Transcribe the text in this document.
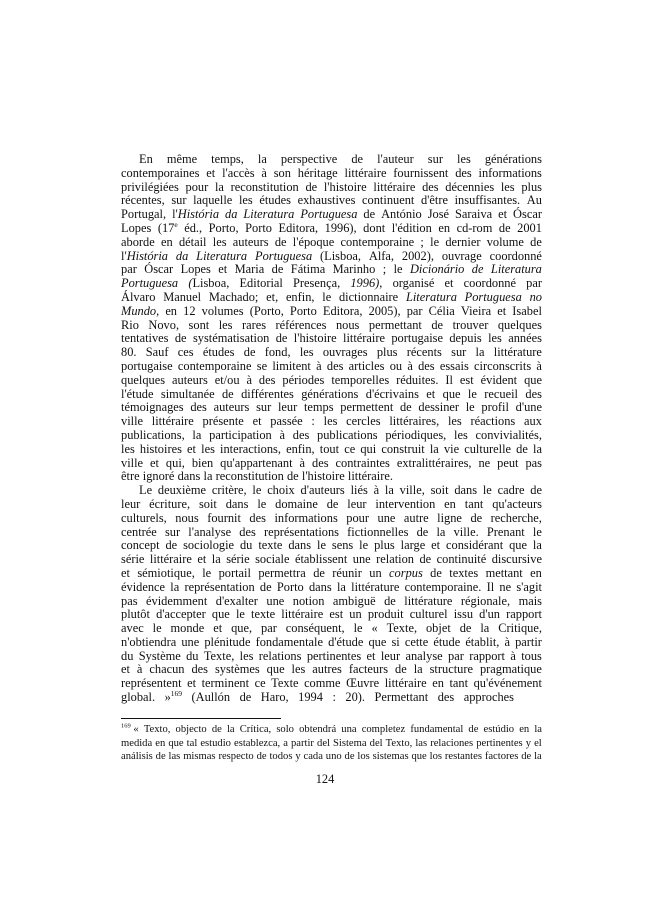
En même temps, la perspective de l'auteur sur les générations
contemporaines et l'accès à son héritage littéraire fournissent des informations
privilégiées pour la reconstitution de l'histoire littéraire des décennies les plus
récentes, sur laquelle les études exhaustives continuent d'être insuffisantes. Au
Portugal, l'História da Literatura Portuguesa de António José Saraiva et Óscar
Lopes (17e éd., Porto, Porto Editora, 1996), dont l'édition en cd-rom de 2001
aborde en détail les auteurs de l'époque contemporaine ; le dernier volume de
l'História da Literatura Portuguesa (Lisboa, Alfa, 2002), ouvrage coordonné
par Óscar Lopes et Maria de Fátima Marinho ; le Dicionário de Literatura
Portuguesa (Lisboa, Editorial Presença, 1996), organisé et coordonné par
Álvaro Manuel Machado; et, enfin, le dictionnaire Literatura Portuguesa no
Mundo, en 12 volumes (Porto, Porto Editora, 2005), par Célia Vieira et Isabel
Rio Novo, sont les rares références nous permettant de trouver quelques
tentatives de systématisation de l'histoire littéraire portugaise depuis les années
80. Sauf ces études de fond, les ouvrages plus récents sur la littérature
portugaise contemporaine se limitent à des articles ou à des essais circonscrits à
quelques auteurs et/ou à des périodes temporelles réduites. Il est évident que
l'étude simultanée de différentes générations d'écrivains et que le recueil des
témoignages des auteurs sur leur temps permettent de dessiner le profil d'une
ville littéraire présente et passée : les cercles littéraires, les réactions aux
publications, la participation à des publications périodiques, les convivialités,
les histoires et les interactions, enfin, tout ce qui construit la vie culturelle de la
ville et qui, bien qu'appartenant à des contraintes extralittéraires, ne peut pas
être ignoré dans la reconstitution de l'histoire littéraire.
Le deuxième critère, le choix d'auteurs liés à la ville, soit dans le cadre de
leur écriture, soit dans le domaine de leur intervention en tant qu'acteurs
culturels, nous fournit des informations pour une autre ligne de recherche,
centrée sur l'analyse des représentations fictionnelles de la ville. Prenant le
concept de sociologie du texte dans le sens le plus large et considérant que la
série littéraire et la série sociale établissent une relation de continuité discursive
et sémiotique, le portail permettra de réunir un corpus de textes mettant en
évidence la représentation de Porto dans la littérature contemporaine. Il ne s'agit
pas évidemment d'exalter une notion ambiguë de littérature régionale, mais
plutôt d'accepter que le texte littéraire est un produit culturel issu d'un rapport
avec le monde et que, par conséquent, le « Texte, objet de la Critique,
n'obtiendra une plénitude fondamentale d'étude que si cette étude établit, à partir
du Système du Texte, les relations pertinentes et leur analyse par rapport à tous
et à chacun des systèmes que les autres facteurs de la structure pragmatique
représentent et terminent ce Texte comme Œuvre littéraire en tant qu'événement
global. »$^{169}$ (Aullón de Haro, 1994 : 20). Permettant des approches
$^{169}$ « Texto, objecto de la Crítica, solo obtendrá una completez fundamental de estúdio en la
medida en que tal estudio establezca, a partir del Sistema del Texto, las relaciones pertinentes y el
análisis de las mismas respecto de todos y cada uno de los sistemas que los restantes factores de la
124
